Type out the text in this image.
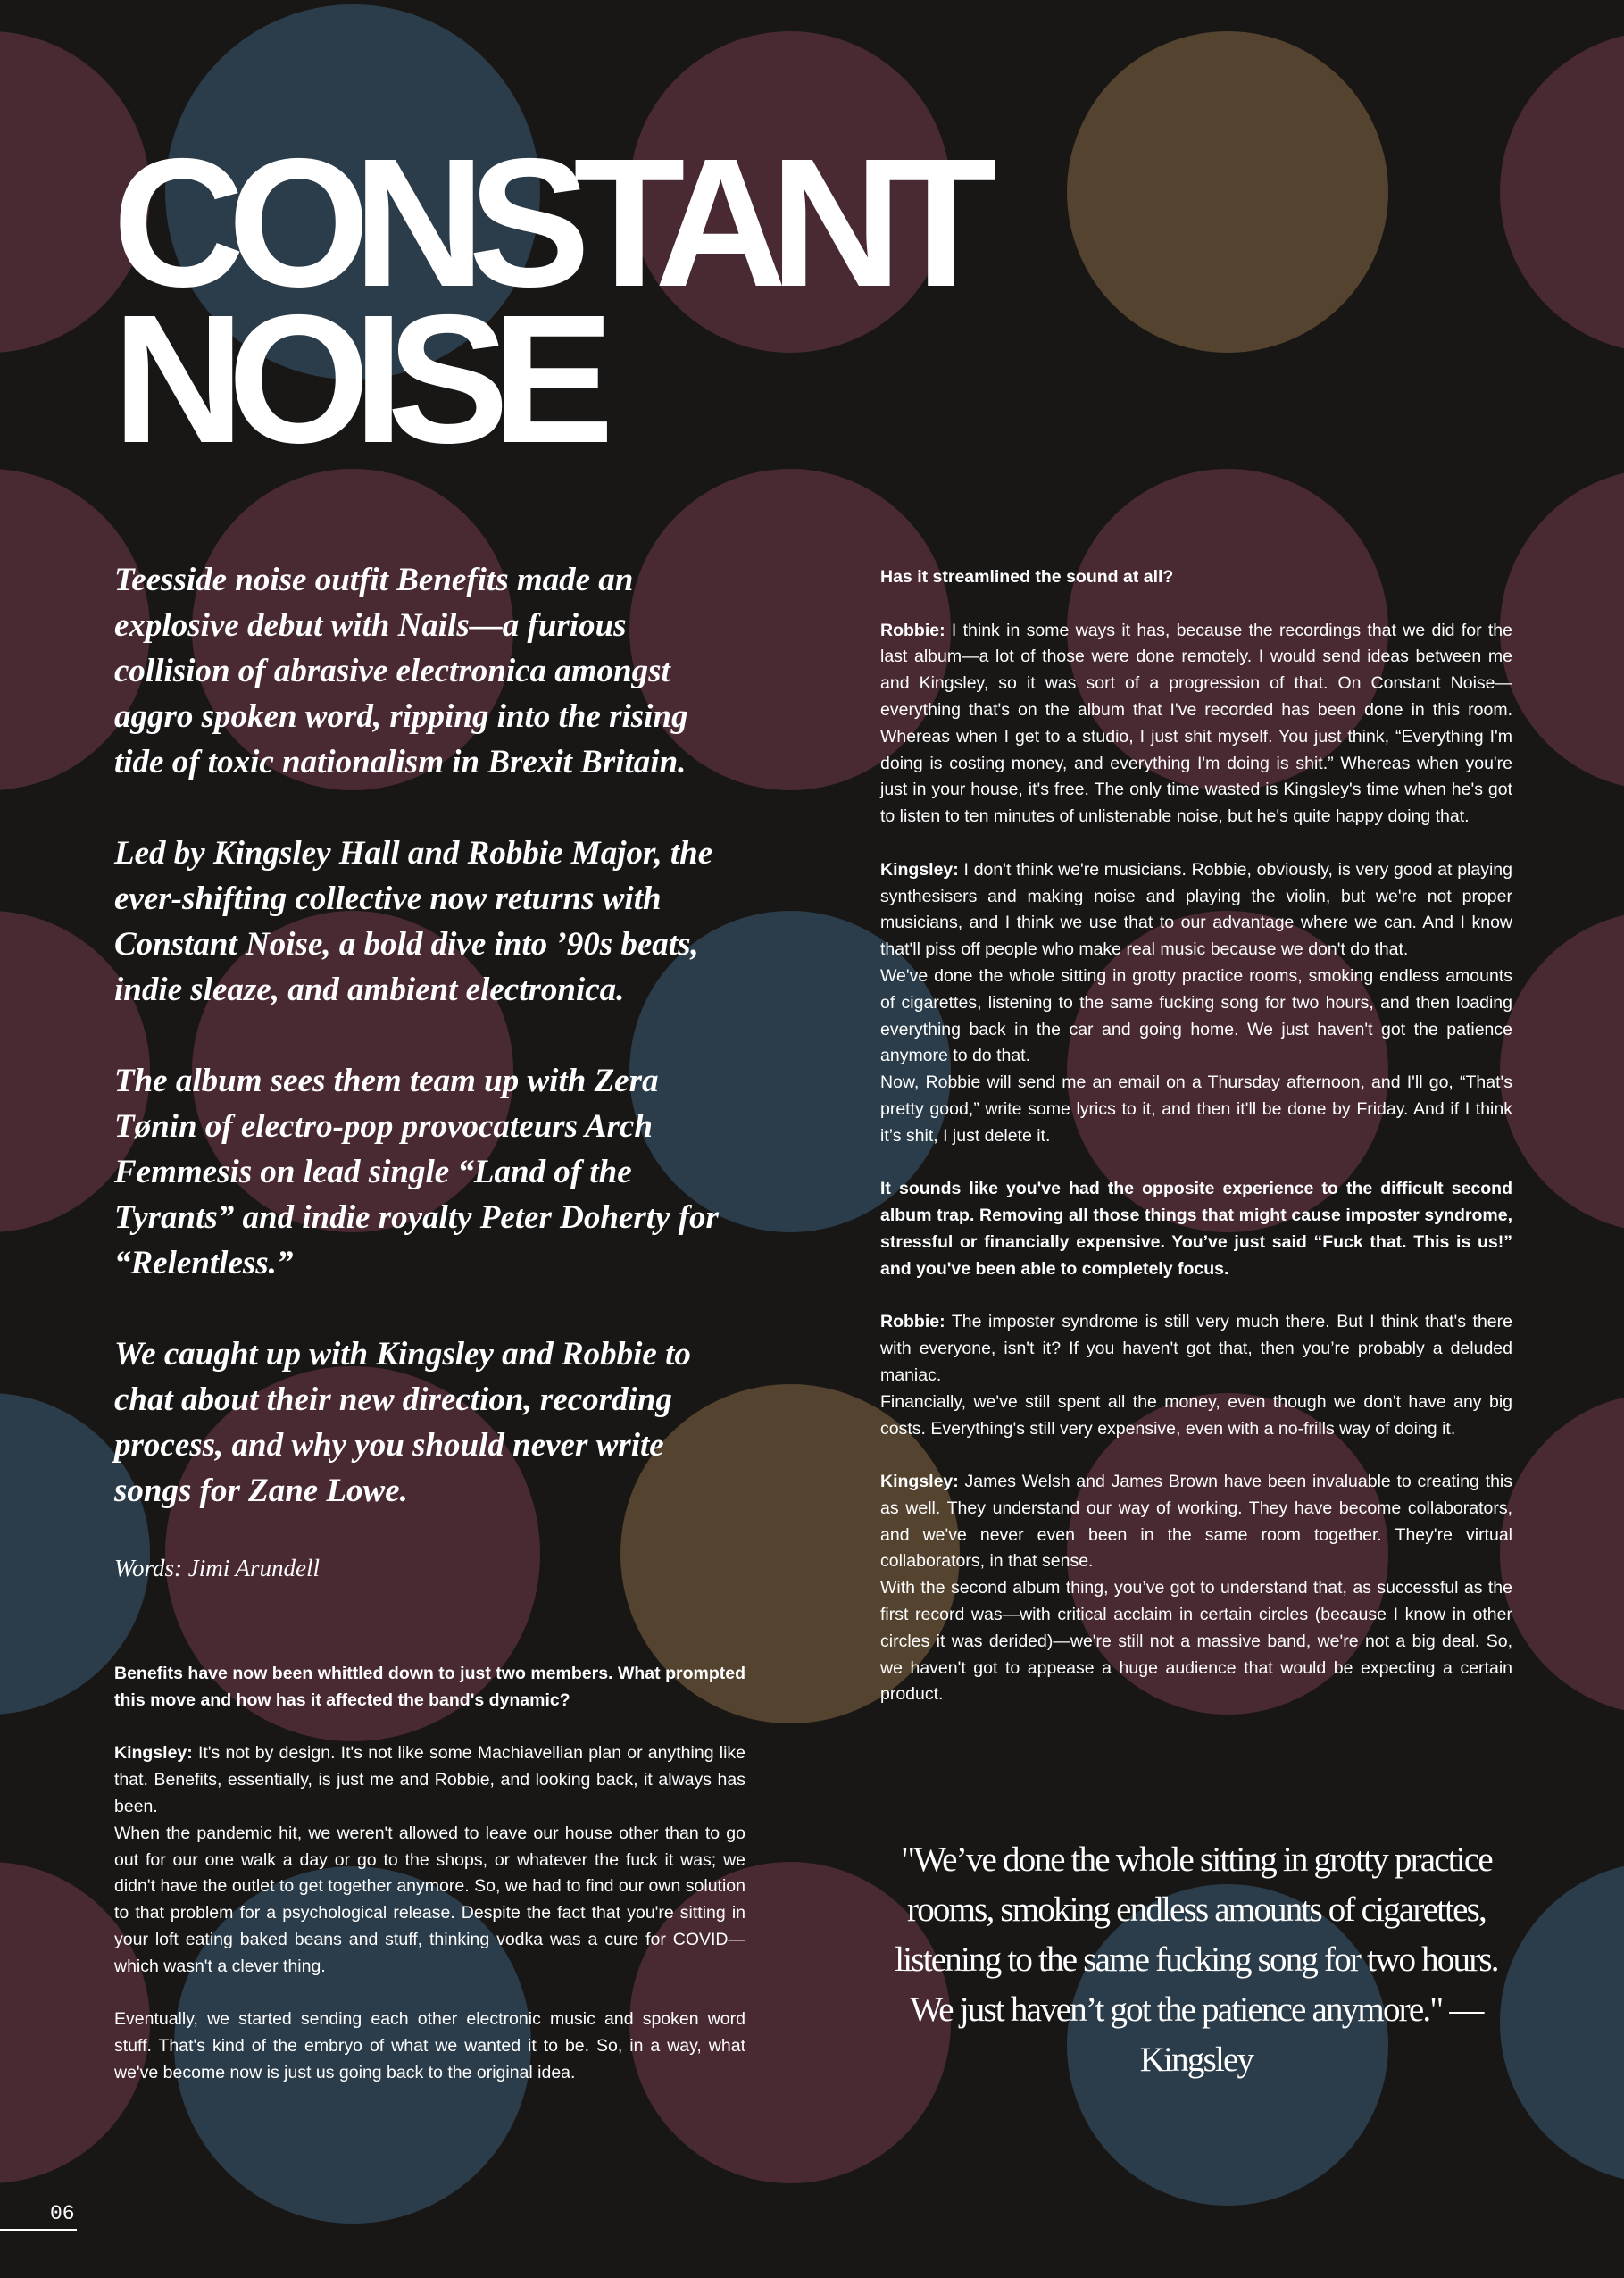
CONSTANT
NOISE

Teesside noise outfit Benefits made an explosive debut with Nails—a furious collision of abrasive electronica amongst aggro spoken word, ripping into the rising tide of toxic nationalism in Brexit Britain.

Led by Kingsley Hall and Robbie Major, the ever-shifting collective now returns with Constant Noise, a bold dive into ’90s beats, indie sleaze, and ambient electronica.

The album sees them team up with Zera Tønin of electro-pop provocateurs Arch Femmesis on lead single “Land of the Tyrants” and indie royalty Peter Doherty for “Relentless.”

We caught up with Kingsley and Robbie to chat about their new direction, recording process, and why you should never write songs for Zane Lowe.

Words: Jimi Arundell

Benefits have now been whittled down to just two members. What prompted this move and how has it affected the band's dynamic?

Kingsley: It's not by design. It's not like some Machiavellian plan or anything like that. Benefits, essentially, is just me and Robbie, and looking back, it always has been.
When the pandemic hit, we weren't allowed to leave our house other than to go out for our one walk a day or go to the shops, or whatever the fuck it was; we didn't have the outlet to get together anymore. So, we had to find our own solution to that problem for a psychological release. Despite the fact that you're sitting in your loft eating baked beans and stuff, thinking vodka was a cure for COVID—which wasn't a clever thing.

Eventually, we started sending each other electronic music and spoken word stuff. That's kind of the embryo of what we wanted it to be. So, in a way, what we've become now is just us going back to the original idea.

Has it streamlined the sound at all?

Robbie: I think in some ways it has, because the recordings that we did for the last album—a lot of those were done remotely. I would send ideas between me and Kingsley, so it was sort of a progression of that. On Constant Noise—everything that's on the album that I've recorded has been done in this room. Whereas when I get to a studio, I just shit myself. You just think, “Everything I'm doing is costing money, and everything I'm doing is shit.” Whereas when you're just in your house, it's free. The only time wasted is Kingsley's time when he's got to listen to ten minutes of unlistenable noise, but he's quite happy doing that.

Kingsley: I don't think we're musicians. Robbie, obviously, is very good at playing synthesisers and making noise and playing the violin, but we're not proper musicians, and I think we use that to our advantage where we can. And I know that'll piss off people who make real music because we don't do that.
We've done the whole sitting in grotty practice rooms, smoking endless amounts of cigarettes, listening to the same fucking song for two hours, and then loading everything back in the car and going home. We just haven't got the patience anymore to do that.
Now, Robbie will send me an email on a Thursday afternoon, and I'll go, “That's pretty good,” write some lyrics to it, and then it'll be done by Friday. And if I think it’s shit, I just delete it.

It sounds like you've had the opposite experience to the difficult second album trap. Removing all those things that might cause imposter syndrome, stressful or financially expensive. You’ve just said “Fuck that. This is us!” and you've been able to completely focus.

Robbie: The imposter syndrome is still very much there. But I think that's there with everyone, isn't it? If you haven't got that, then you’re probably a deluded maniac.
Financially, we've still spent all the money, even though we don't have any big costs. Everything's still very expensive, even with a no-frills way of doing it.

Kingsley: James Welsh and James Brown have been invaluable to creating this as well. They understand our way of working. They have become collaborators, and we've never even been in the same room together. They're virtual collaborators, in that sense.
With the second album thing, you’ve got to understand that, as successful as the first record was—with critical acclaim in certain circles (because I know in other circles it was derided)—we're still not a massive band, we're not a big deal. So, we haven't got to appease a huge audience that would be expecting a certain product.

"We’ve done the whole sitting in grotty practice rooms, smoking endless amounts of cigarettes, listening to the same fucking song for two hours. We just haven’t got the patience anymore." — Kingsley

06
